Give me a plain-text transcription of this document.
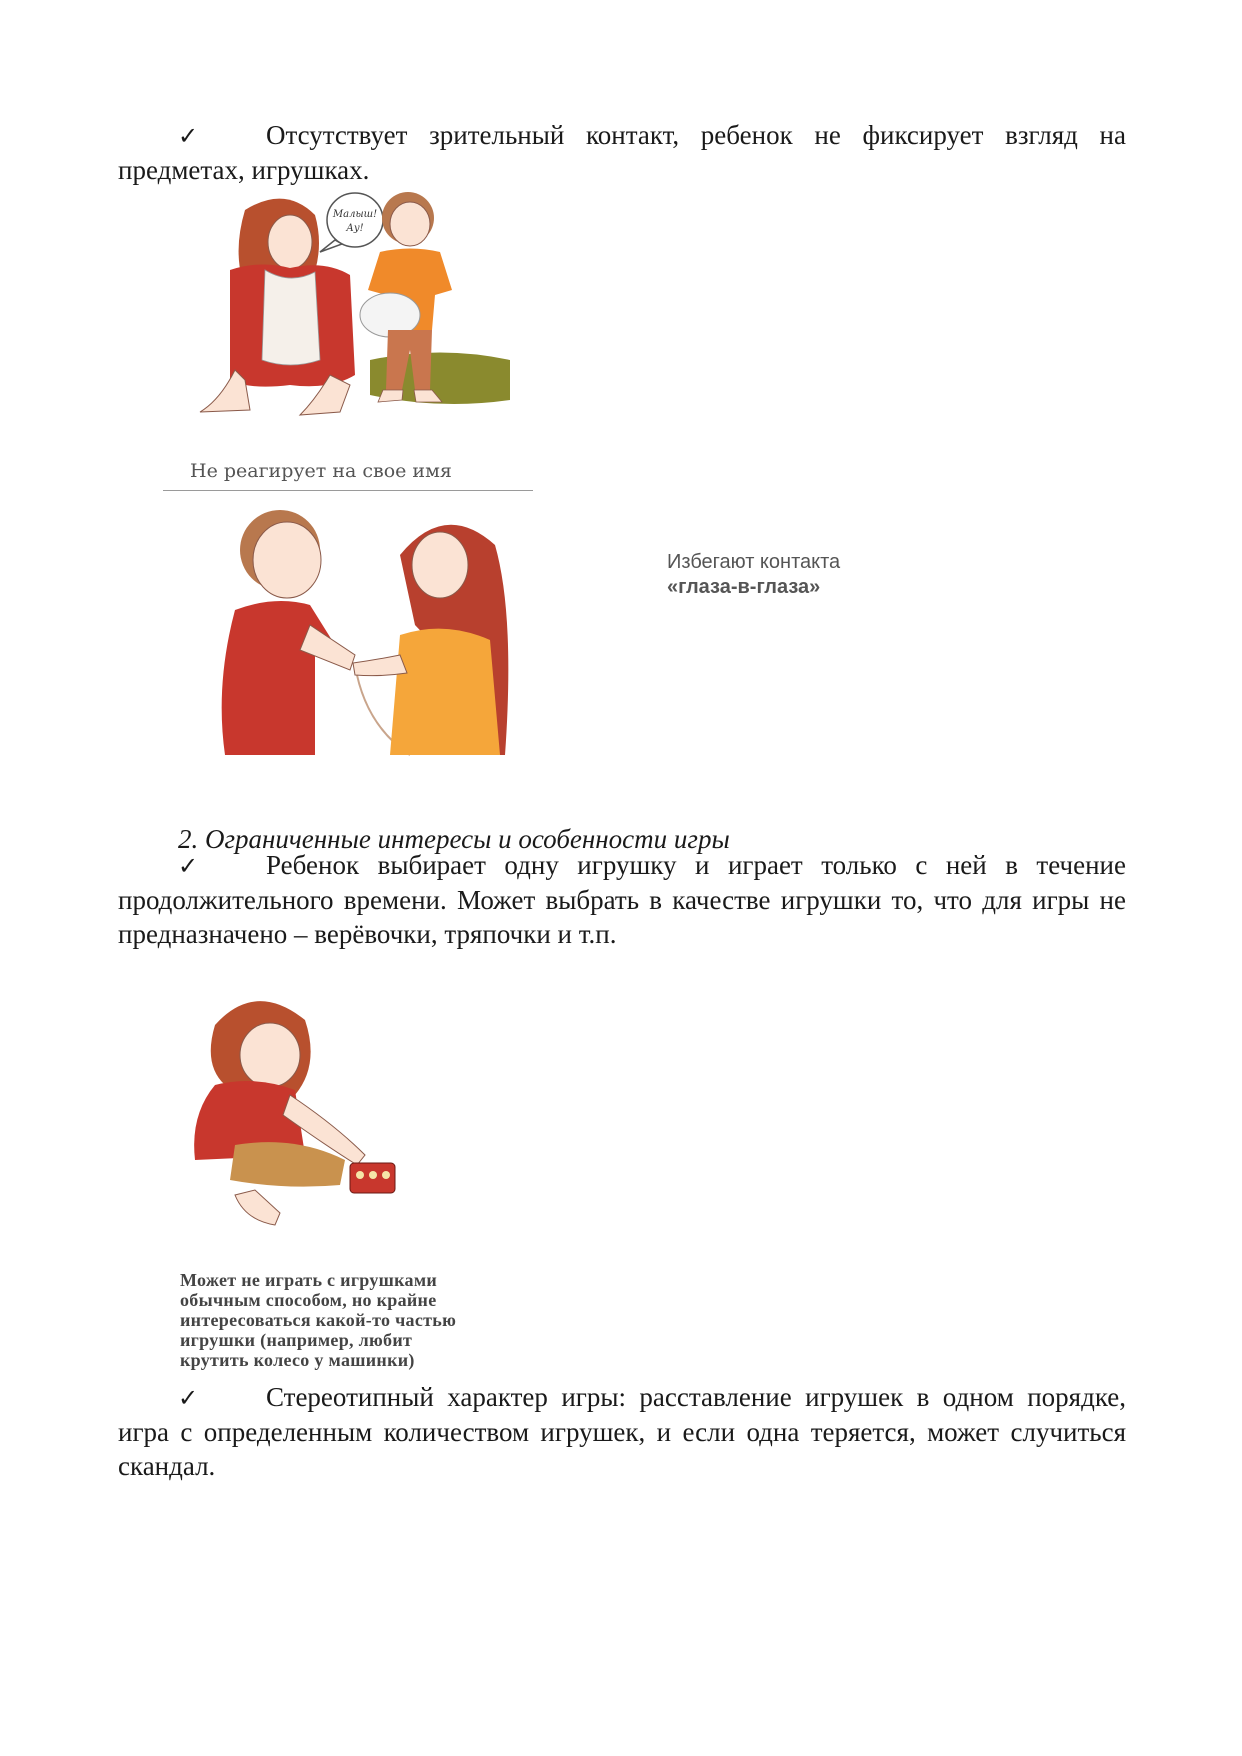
✓	Отсутствует зрительный контакт, ребенок не фиксирует взгляд на предметах, игрушках.

Малыш!
Ау!
Не реагирует на свое имя
Избегают контакта
«глаза-в-глаза»

2. Ограниченные интересы и особенности игры

✓	Ребенок выбирает одну игрушку и играет только с ней в течение продолжительного времени. Может выбрать в качестве игрушки то, что для игры не предназначено – верёвочки, тряпочки и т.п.

Может не играть с игрушками
обычным способом, но крайне
интересоваться какой-то частью
игрушки (например, любит
крутить колесо у машинки)

✓	Стереотипный характер игры: расставление игрушек в одном порядке, игра с определенным количеством игрушек, и если одна теряется, может случиться скандал.
